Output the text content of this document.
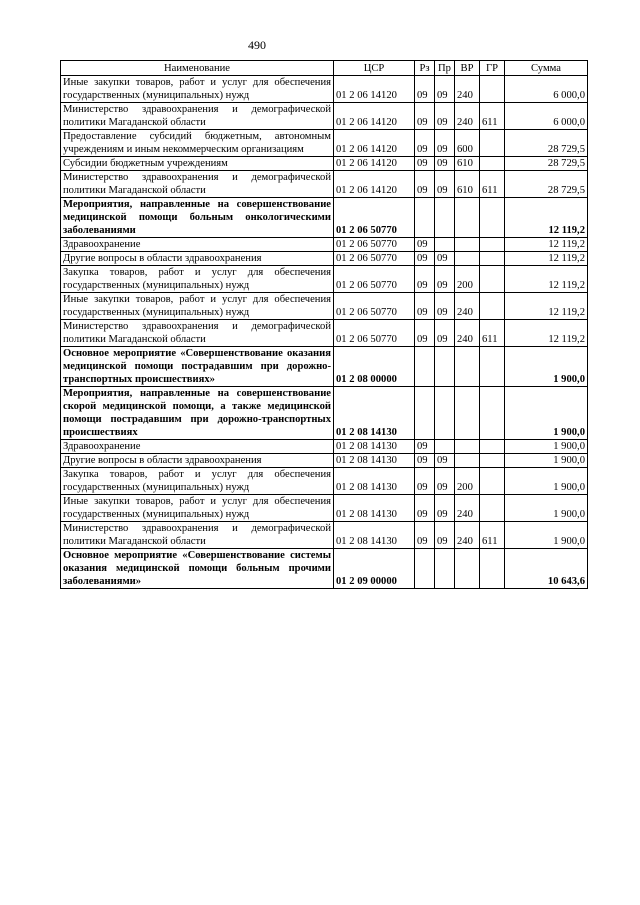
490
Наименование	ЦСР	Рз	Пр	ВР	ГР	Сумма
Иные закупки товаров, работ и услуг для обеспечения государственных (муниципальных) нужд	01 2 06 14120	09	09	240		6 000,0
Министерство здравоохранения и демографической политики Магаданской области	01 2 06 14120	09	09	240	611	6 000,0
Предоставление субсидий бюджетным, автономным учреждениям и иным некоммерческим организациям	01 2 06 14120	09	09	600		28 729,5
Субсидии бюджетным учреждениям	01 2 06 14120	09	09	610		28 729,5
Министерство здравоохранения и демографической политики Магаданской области	01 2 06 14120	09	09	610	611	28 729,5
Мероприятия, направленные на совершенствование медицинской помощи больным онкологическими заболеваниями	01 2 06 50770					12 119,2
Здравоохранение	01 2 06 50770	09				12 119,2
Другие вопросы в области здравоохранения	01 2 06 50770	09	09			12 119,2
Закупка товаров, работ и услуг для обеспечения государственных (муниципальных) нужд	01 2 06 50770	09	09	200		12 119,2
Иные закупки товаров, работ и услуг для обеспечения государственных (муниципальных) нужд	01 2 06 50770	09	09	240		12 119,2
Министерство здравоохранения и демографической политики Магаданской области	01 2 06 50770	09	09	240	611	12 119,2
Основное мероприятие «Совершенствование оказания медицинской помощи пострадавшим при дорожно-транспортных происшествиях»	01 2 08 00000					1 900,0
Мероприятия, направленные на совершенствование скорой медицинской помощи, а также медицинской помощи пострадавшим при дорожно-транспортных происшествиях	01 2 08 14130					1 900,0
Здравоохранение	01 2 08 14130	09				1 900,0
Другие вопросы в области здравоохранения	01 2 08 14130	09	09			1 900,0
Закупка товаров, работ и услуг для обеспечения государственных (муниципальных) нужд	01 2 08 14130	09	09	200		1 900,0
Иные закупки товаров, работ и услуг для обеспечения государственных (муниципальных) нужд	01 2 08 14130	09	09	240		1 900,0
Министерство здравоохранения и демографической политики Магаданской области	01 2 08 14130	09	09	240	611	1 900,0
Основное мероприятие «Совершенствование системы оказания медицинской помощи больным прочими заболеваниями»	01 2 09 00000					10 643,6
